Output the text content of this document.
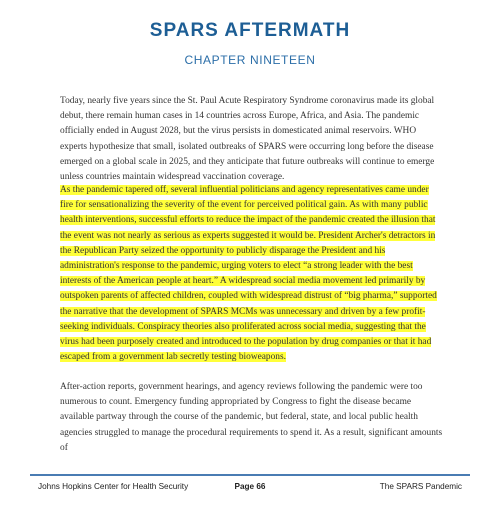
SPARS AFTERMATH
CHAPTER NINETEEN

Today, nearly five years since the St. Paul Acute Respiratory Syndrome coronavirus made its global debut, there remain human cases in 14 countries across Europe, Africa, and Asia. The pandemic officially ended in August 2028, but the virus persists in domesticated animal reservoirs. WHO experts hypothesize that small, isolated outbreaks of SPARS were occurring long before the disease emerged on a global scale in 2025, and they anticipate that future outbreaks will continue to emerge unless countries maintain widespread vaccination coverage.

As the pandemic tapered off, several influential politicians and agency representatives came under fire for sensationalizing the severity of the event for perceived political gain. As with many public health interventions, successful efforts to reduce the impact of the pandemic created the illusion that the event was not nearly as serious as experts suggested it would be. President Archer's detractors in the Republican Party seized the opportunity to publicly disparage the President and his administration's response to the pandemic, urging voters to elect “a strong leader with the best interests of the American people at heart.” A widespread social media movement led primarily by outspoken parents of affected children, coupled with widespread distrust of “big pharma,” supported the narrative that the development of SPARS MCMs was unnecessary and driven by a few profit-seeking individuals. Conspiracy theories also proliferated across social media, suggesting that the virus had been purposely created and introduced to the population by drug companies or that it had escaped from a government lab secretly testing bioweapons.

After-action reports, government hearings, and agency reviews following the pandemic were too numerous to count. Emergency funding appropriated by Congress to fight the disease became available partway through the course of the pandemic, but federal, state, and local public health agencies struggled to manage the procedural requirements to spend it. As a result, significant amounts of

Johns Hopkins Center for Health Security	Page 66	The SPARS Pandemic
